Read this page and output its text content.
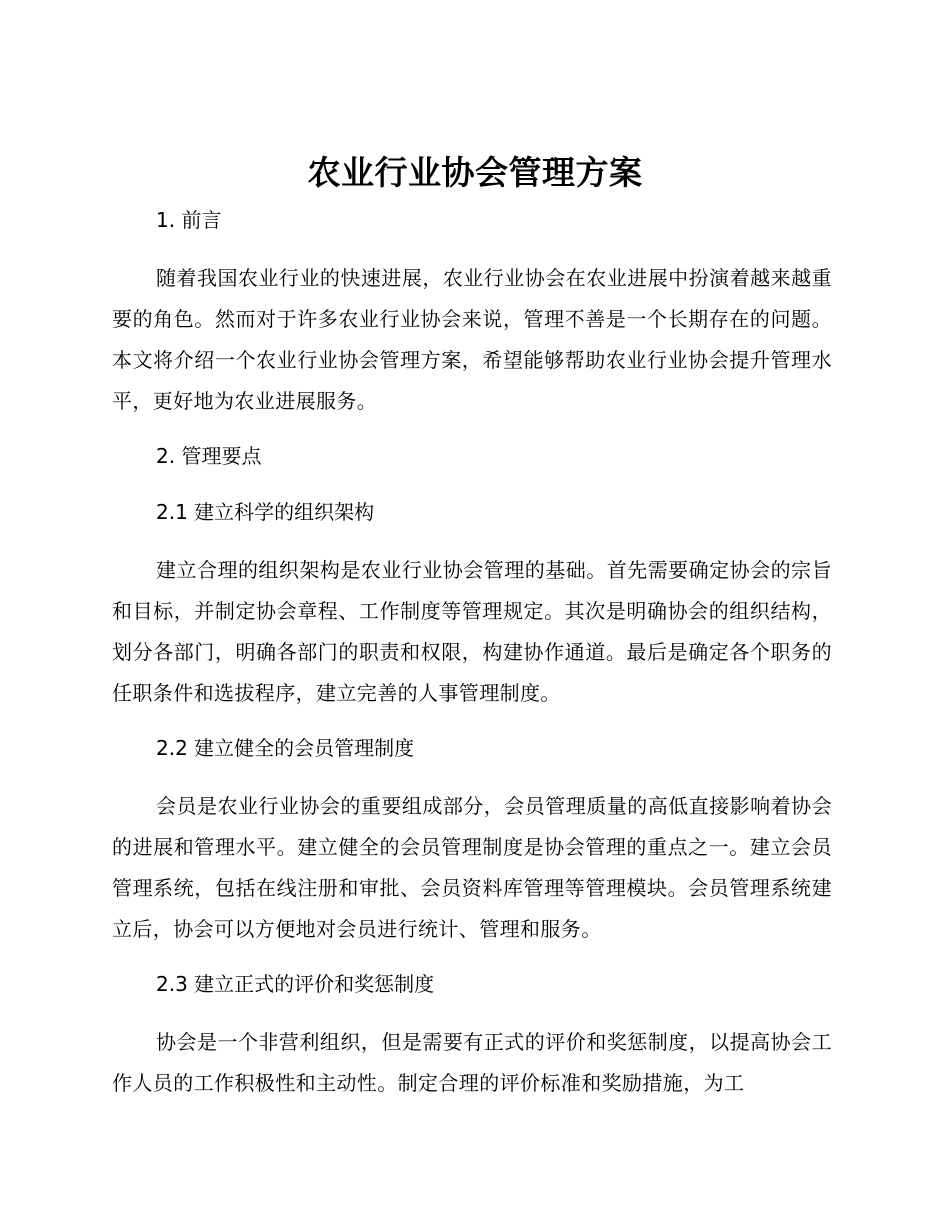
农业行业协会管理方案
1. 前言
随着我国农业行业的快速进展，农业行业协会在农业进展中扮演着越来越重要的角色。然而对于许多农业行业协会来说，管理不善是一个长期存在的问题。本文将介绍一个农业行业协会管理方案，希望能够帮助农业行业协会提升管理水平，更好地为农业进展服务。
2. 管理要点
2.1 建立科学的组织架构
建立合理的组织架构是农业行业协会管理的基础。首先需要确定协会的宗旨和目标，并制定协会章程、工作制度等管理规定。其次是明确协会的组织结构，划分各部门，明确各部门的职责和权限，构建协作通道。最后是确定各个职务的任职条件和选拔程序，建立完善的人事管理制度。
2.2 建立健全的会员管理制度
会员是农业行业协会的重要组成部分，会员管理质量的高低直接影响着协会的进展和管理水平。建立健全的会员管理制度是协会管理的重点之一。建立会员管理系统，包括在线注册和审批、会员资料库管理等管理模块。会员管理系统建立后，协会可以方便地对会员进行统计、管理和服务。
2.3 建立正式的评价和奖惩制度
协会是一个非营利组织，但是需要有正式的评价和奖惩制度，以提高协会工作人员的工作积极性和主动性。制定合理的评价标准和奖励措施，为工
